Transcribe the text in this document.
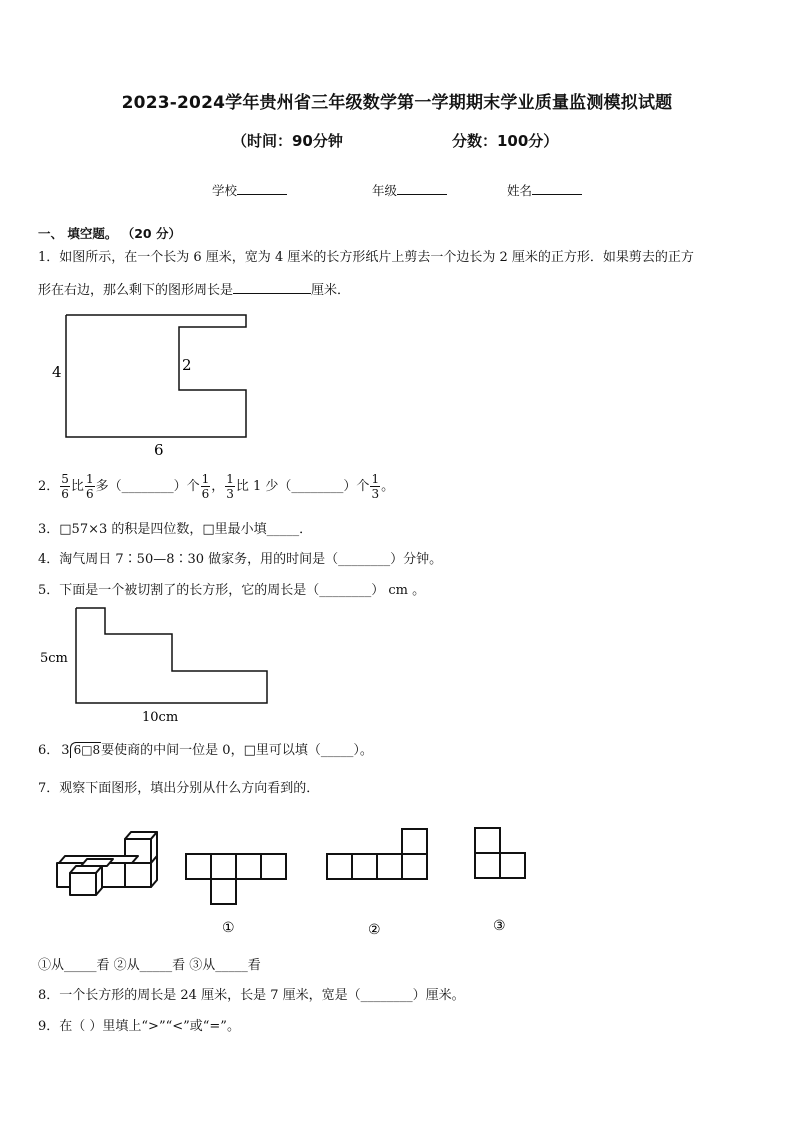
2023-2024学年贵州省三年级数学第一学期期末学业质量监测模拟试题
（时间：90分钟	分数：100分）
学校	年级	姓名
一、 填空题。 （20 分）
1．如图所示，在一个长为 6 厘米，宽为 4 厘米的长方形纸片上剪去一个边长为 2 厘米的正方形．如果剪去的正方
形在右边，那么剩下的图形周长是	厘米．
4	2
6
2． $\frac{5}{6}$ 比 $\frac{1}{6}$ 多（________）个 $\frac{1}{6}$ ， $\frac{1}{3}$ 比 1 少（________）个 $\frac{1}{3}$ 。
3．□57×3 的积是四位数，□里最小填_____．
4．淘气周日 7∶50—8∶30 做家务，用的时间是（________）分钟。
5．下面是一个被切割了的长方形，它的周长是（________） cm 。
5cm
10cm
6． 3 6□8 要使商的中间一位是 0，□里可以填（_____）。
7．观察下面图形，填出分别从什么方向看到的．
①	②	③
①从_____看 ②从_____看 ③从_____看
8．一个长方形的周长是 24 厘米，长是 7 厘米，宽是（________）厘米。
9．在（ ）里填上“>”“<”或“=”。
